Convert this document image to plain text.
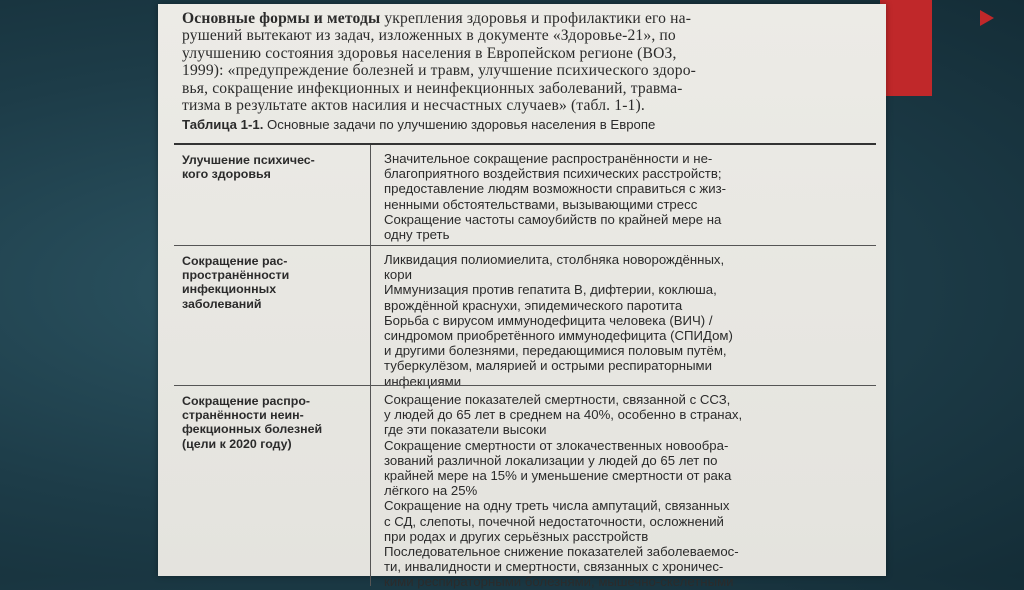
Основные формы и методы укрепления здоровья и профилактики его на-
рушений вытекают из задач, изложенных в документе «Здоровье-21», по
улучшению состояния здоровья населения в Европейском регионе (ВОЗ,
1999): «предупреждение болезней и травм, улучшение психического здоро-
вья, сокращение инфекционных и неинфекционных заболеваний, травма-
тизма в результате актов насилия и несчастных случаев» (табл. 1-1).
Таблица 1-1. Основные задачи по улучшению здоровья населения в Европе
Улучшение психичес-
кого здоровья
Значительное сокращение распространённости и не-
благоприятного воздействия психических расстройств;
предоставление людям возможности справиться с жиз-
ненными обстоятельствами, вызывающими стресс
Сокращение частоты самоубийств по крайней мере на
одну треть
Сокращение рас-
пространённости
инфекционных
заболеваний
Ликвидация полиомиелита, столбняка новорождённых,
кори
Иммунизация против гепатита В, дифтерии, коклюша,
врождённой краснухи, эпидемического паротита
Борьба с вирусом иммунодефицита человека (ВИЧ) /
синдромом приобретённого иммунодефицита (СПИДом)
и другими болезнями, передающимися половым путём,
туберкулёзом, малярией и острыми респираторными
инфекциями
Сокращение распро-
странённости неин-
фекционных болезней
(цели к 2020 году)
Сокращение показателей смертности, связанной с ССЗ,
у людей до 65 лет в среднем на 40%, особенно в странах,
где эти показатели высоки
Сокращение смертности от злокачественных новообра-
зований различной локализации у людей до 65 лет по
крайней мере на 15% и уменьшение смертности от рака
лёгкого на 25%
Сокращение на одну треть числа ампутаций, связанных
с СД, слепоты, почечной недостаточности, осложнений
при родах и других серьёзных расстройств
Последовательное снижение показателей заболеваемос-
ти, инвалидности и смертности, связанных с хроничес-
кими респираторными болезнями, мышечно-скелетными
